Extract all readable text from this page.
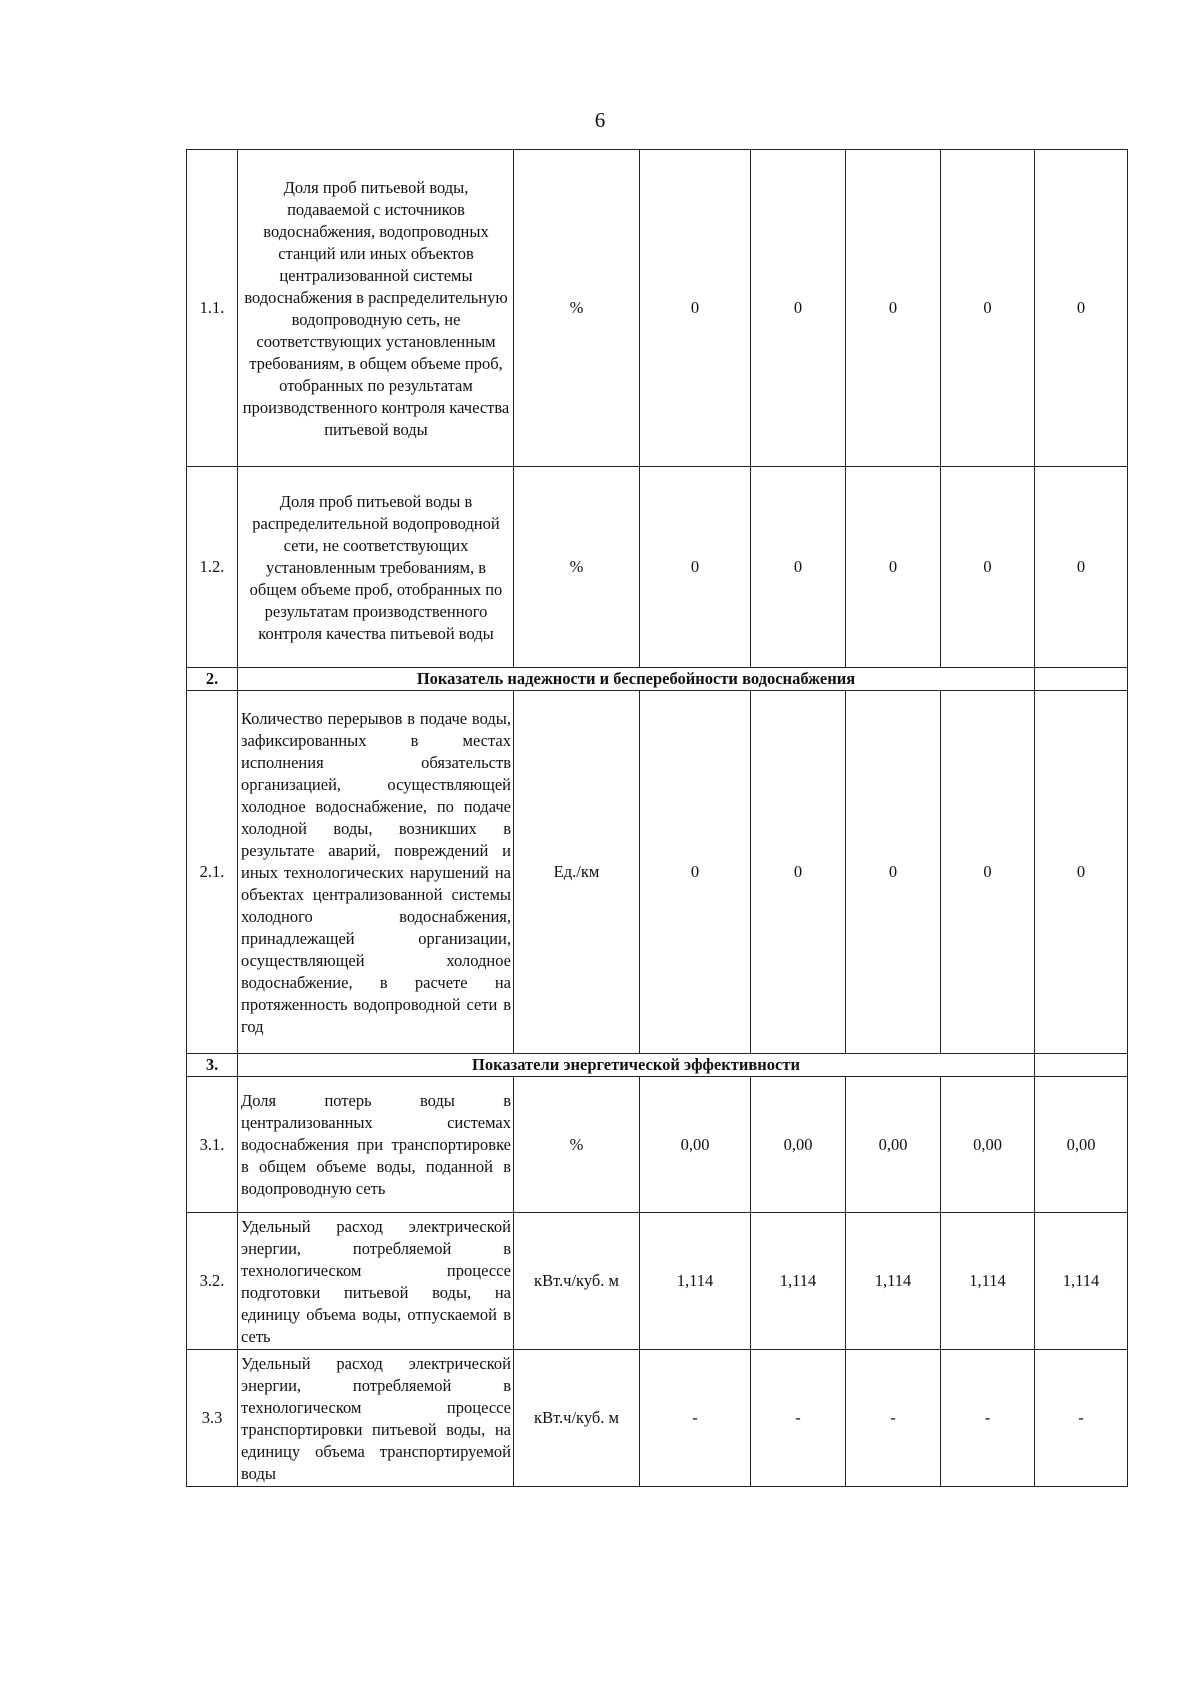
6
1.1.	Доля проб питьевой воды, подаваемой с источников водоснабжения, водопроводных станций или иных объектов централизованной системы водоснабжения в распределительную водопроводную сеть, не соответствующих установленным требованиям, в общем объеме проб, отобранных по результатам производственного контроля качества питьевой воды	%	0	0	0	0	0
1.2.	Доля проб питьевой воды в распределительной водопроводной сети, не соответствующих установленным требованиям, в общем объеме проб, отобранных по результатам производственного контроля качества питьевой воды	%	0	0	0	0	0
2.	Показатель надежности и бесперебойности водоснабжения						
2.1.	Количество перерывов в подаче воды, зафиксированных в местах исполнения обязательств организацией, осуществляющей холодное водоснабжение, по подаче холодной воды, возникших в результате аварий, повреждений и иных технологических нарушений на объектах централизованной системы холодного водоснабжения, принадлежащей организации, осуществляющей холодное водоснабжение, в расчете на протяженность водопроводной сети в год	Ед./км	0	0	0	0	0
3.	Показатели энергетической эффективности						
3.1.	Доля потерь воды в централизованных системах водоснабжения при транспортировке в общем объеме воды, поданной в водопроводную сеть	%	0,00	0,00	0,00	0,00	0,00
3.2.	Удельный расход электрической энергии, потребляемой в технологическом процессе подготовки питьевой воды, на единицу объема воды, отпускаемой в сеть	кВт.ч/куб. м	1,114	1,114	1,114	1,114	1,114
3.3	Удельный расход электрической энергии, потребляемой в технологическом процессе транспортировки питьевой воды, на единицу объема транспортируемой воды	кВт.ч/куб. м	-	-	-	-	-
